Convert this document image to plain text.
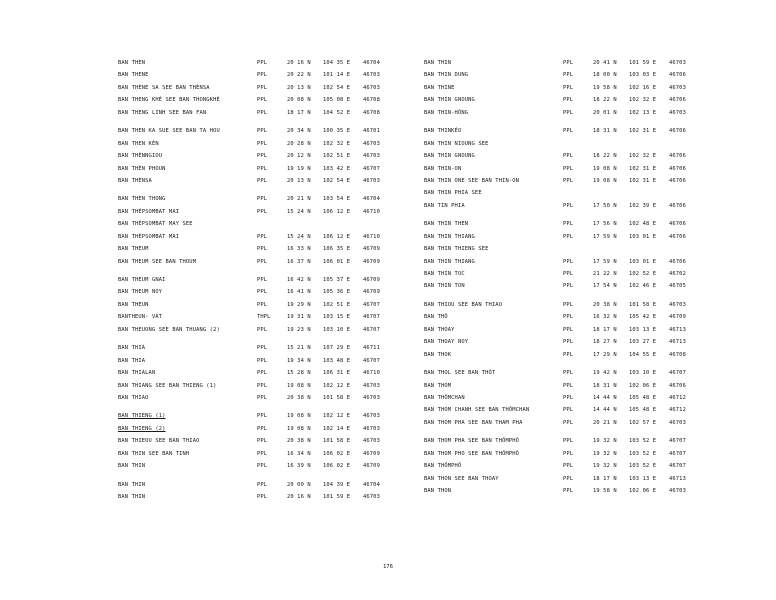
BAN THEN	PPL	20 16 N 104 35 E 46704
BAN THENE	PPL	20 22 N 101 14 E 46703
BAN THÈNE SA SEE BAN THÈNSA	PPL	20 13 N 102 54 E 46703
BAN THENG KHÉ SEE BAN THONGKHÈ	PPL	20 08 N 105 08 E 46708
BAN THENG LINH SEE BAN FAN	PPL	18 17 N 104 52 E 46708
BAN THEN KA SUE SEE BAN TA HOU	PPL	20 34 N 100 35 E 46701
BAN THEN KÉN	PPL	20 28 N 102 32 E 46703
BAN THÈNNGIOU	PPL	20 12 N 102 51 E 46703
BAN THÈN PHOUN	PPL	19 19 N 103 42 E 46707
BAN THÈNSA	PPL	20 13 N 102 54 E 46703
BAN THEN THONG	PPL	20 21 N 103 54 E 46704
BAN THÉPSOMBAT MAI	PPL	15 24 N 106 12 E 46710
BAN THÉPSOMBAT MAY SEE
BAN THÉPSOMBAT MAI	PPL	15 24 N 106 12 E 46710
BAN THEUM	PPL	16 33 N 106 35 E 46709
BAN THEUM SEE BAN THOUM	PPL	16 37 N 106 01 E 46709
BAN THEUM GNAI	PPL	16 42 N 105 37 E 46709
BAN THEUM NOY	PPL	16 41 N 105 36 E 46709
BAN THEUN	PPL	19 29 N 102 51 E 46707
BANTHEUN- VAT	THPL	19 31 N 103 15 E 46707
BAN THEUONG SEE BAN THUANG (2)	PPL	19 23 N 103 10 E 46707
BAN THIA	PPL	15 21 N 107 29 E 46711
BAN THIA	PPL	19 34 N 103 48 E 46707
BAN THIALAN	PPL	15 28 N 106 31 E 46710
BAN THIANG SEE BAN THIENG (1)	PPL	19 08 N 102 12 E 46703
BAN THIAO	PPL	20 38 N 101 58 E 46703
BAN THIENG (1)	PPL	19 08 N 102 12 E 46703
BAN THIENG (2)	PPL	19 08 N 102 14 E 46703
BAN THIEOU SEE BAN THIAO	PPL	20 38 N 101 58 E 46703
BAN THIN SEE BAN TINH	PPL	16 34 N 106 02 E 46709
BAN THIN	PPL	16 39 N 106 02 E 46709
BAN THIN	PPL	20 00 N 104 39 E 46704
BAN THIN	PPL	20 16 N 101 59 E 46703
BAN THIN	PPL	20 41 N 101 59 E 46703
BAN THIN DUNG	PPL	18 00 N 103 03 E 46706
BAN THINE	PPL	19 58 N 102 16 E 46703
BAN THIN GNOUNG	PPL	18 22 N 102 32 E 46706
BAN THIN-HÔNG	PPL	20 01 N 102 13 E 46703
BAN THINKÉO	PPL	18 31 N 102 31 E 46706
BAN THIN NIOUNG SEE
BAN THIN GNOUNG	PPL	18 22 N 102 32 E 46706
BAN THIN-ON	PPL	19 08 N 102 31 E 46706
BAN THIN ONE SEE BAN THIN-ON	PPL	19 08 N 102 31 E 46706
BAN THIN PHIA SEE
BAN TIN PHIA	PPL	17 50 N 102 39 E 46706
BAN THIN THEN	PPL	17 56 N 102 48 E 46706
BAN THIN THIANG	PPL	17 59 N 103 01 E 46706
BAN THIN THIENG SEE
BAN THIN THIANG	PPL	17 59 N 103 01 E 46706
BAN THIN TOC	PPL	21 22 N 102 52 E 46702
BAN THIN TON	PPL	17 54 N 102 46 E 46705
BAN THIOU SEE BAN THIAO	PPL	20 38 N 101 58 E 46703
BAN THÔ	PPL	16 32 N 105 42 E 46709
BAN THOAY	PPL	18 17 N 103 13 E 46713
BAN THOAY NOY	PPL	18 27 N 103 27 E 46713
BAN THOK	PPL	17 29 N 104 55 E 46708
BAN THOL SEE BAN THÔT	PPL	19 42 N 103 10 E 46707
BAN THOM	PPL	18 31 N 102 06 E 46706
BAN THÔMCHAN	PPL	14 44 N 105 48 E 46712
BAN THOM CHANH SEE BAN THÔMCHAN	PPL	14 44 N 105 48 E 46712
BAN THOM PHA SEE BAN THAM PHA	PPL	20 21 N 102 57 E 46703
BAN THOM PHA SEE BAN THÔMPHÔ	PPL	19 32 N 103 52 E 46707
BAN THOM PHO SEE BAN THÔMPHÔ	PPL	19 32 N 103 52 E 46707
BAN THÔMPHÔ	PPL	19 32 N 103 52 E 46707
BAN THON SEE BAN THOAY	PPL	18 17 N 103 13 E 46713
BAN THON	PPL	19 58 N 102 06 E 46703
176
